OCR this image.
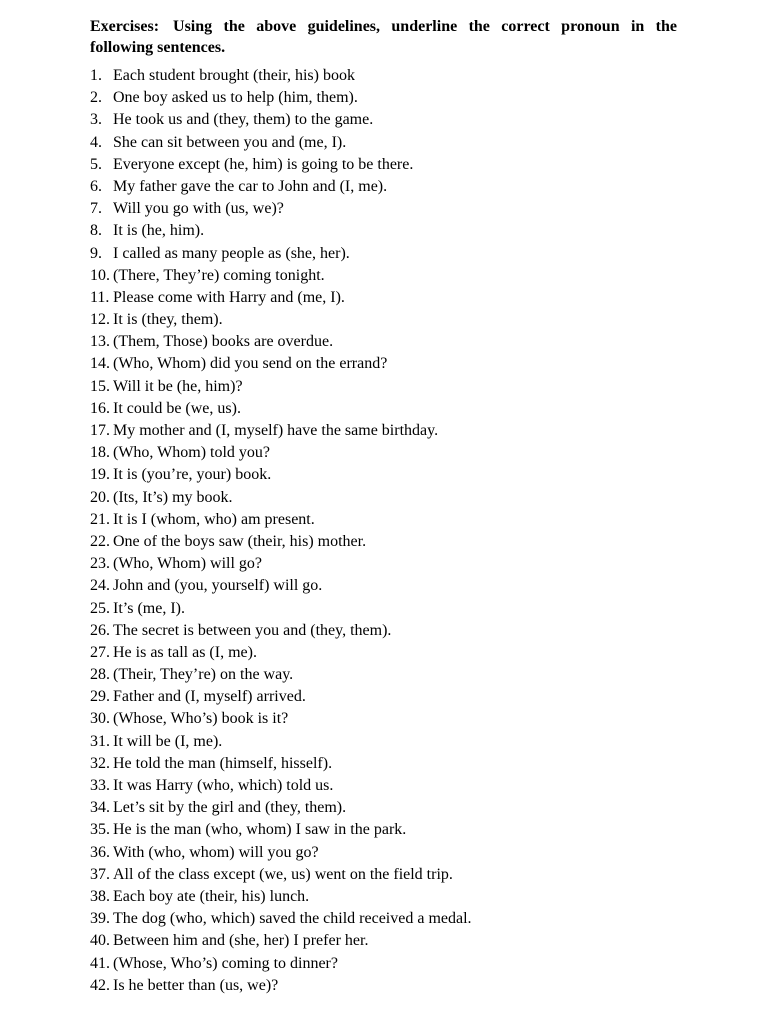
Exercises: Using the above guidelines, underline the correct pronoun in the following sentences.

1. Each student brought (their, his) book
2. One boy asked us to help (him, them).
3. He took us and (they, them) to the game.
4. She can sit between you and (me, I).
5. Everyone except (he, him) is going to be there.
6. My father gave the car to John and (I, me).
7. Will you go with (us, we)?
8. It is (he, him).
9. I called as many people as (she, her).
10. (There, They’re) coming tonight.
11. Please come with Harry and (me, I).
12. It is (they, them).
13. (Them, Those) books are overdue.
14. (Who, Whom) did you send on the errand?
15. Will it be (he, him)?
16. It could be (we, us).
17. My mother and (I, myself) have the same birthday.
18. (Who, Whom) told you?
19. It is (you’re, your) book.
20. (Its, It’s) my book.
21. It is I (whom, who) am present.
22. One of the boys saw (their, his) mother.
23. (Who, Whom) will go?
24. John and (you, yourself) will go.
25. It’s (me, I).
26. The secret is between you and (they, them).
27. He is as tall as (I, me).
28. (Their, They’re) on the way.
29. Father and (I, myself) arrived.
30. (Whose, Who’s) book is it?
31. It will be (I, me).
32. He told the man (himself, hisself).
33. It was Harry (who, which) told us.
34. Let’s sit by the girl and (they, them).
35. He is the man (who, whom) I saw in the park.
36. With (who, whom) will you go?
37. All of the class except (we, us) went on the field trip.
38. Each boy ate (their, his) lunch.
39. The dog (who, which) saved the child received a medal.
40. Between him and (she, her) I prefer her.
41. (Whose, Who’s) coming to dinner?
42. Is he better than (us, we)?
